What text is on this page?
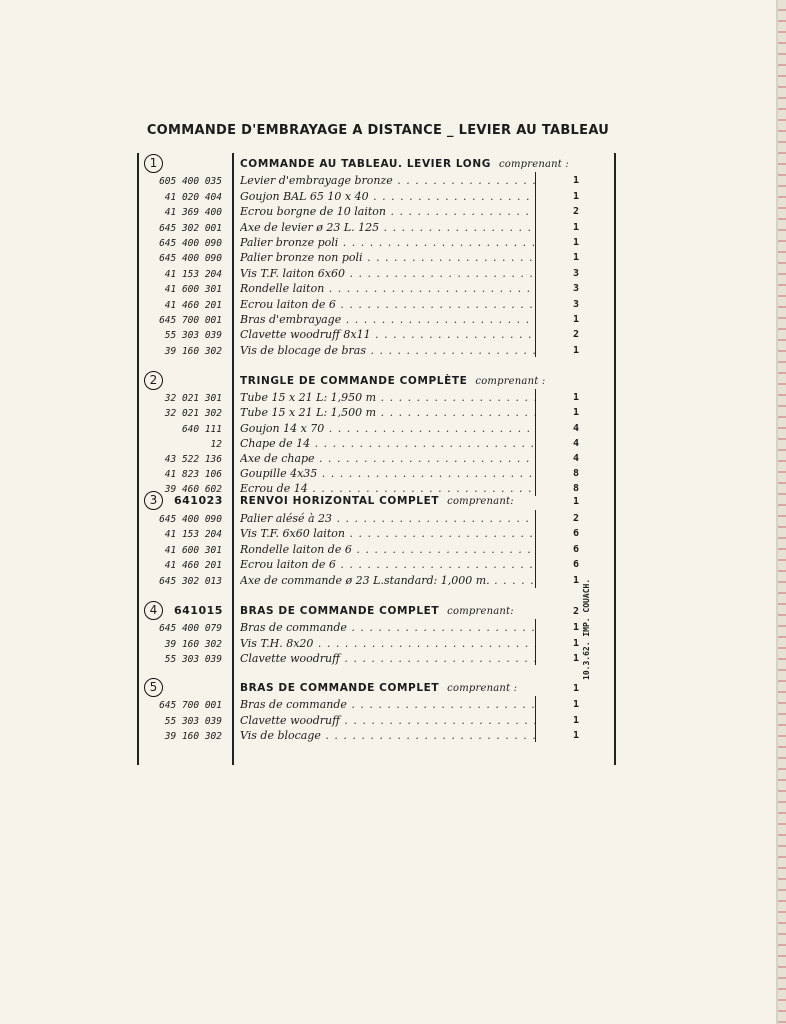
COMMANDE D'EMBRAYAGE A DISTANCE _ LEVIER AU TABLEAU
1	COMMANDE AU TABLEAU. LEVIER LONG comprenant :
605 400 035 Levier d'embrayage bronze . . .	1
41 020 404 Goujon BAL 65 10 x 40 . . .	1
41 369 400 Ecrou borgne de 10 laiton . . .	2
645 302 001 Axe de levier ø 23 L. 125 . . .	1
645 400 090 Palier bronze poli . . .	1
645 400 090 Palier bronze non poli . . .	1
41 153 204 Vis T.F. laiton 6x60 . . .	3
41 600 301 Rondelle laiton . . .	3
41 460 201 Ecrou laiton de 6 . . .	3
645 700 001 Bras d'embrayage . . .	1
55 303 039 Clavette woodruff 8x11 . . .	2
39 160 302 Vis de blocage de bras . . .	1
2	TRINGLE DE COMMANDE COMPLÈTE comprenant :
32 021 301 Tube 15 x 21 L: 1,950 m . . .	1
32 021 302 Tube 15 x 21 L: 1,500 m . . .	1
640 111 Goujon 14 x 70 . . .	4
12 Chape de 14 . . .	4
43 522 136 Axe de chape . . .	4
41 823 106 Goupille 4x35 . . .	8
39 460 602 Ecrou de 14 . . .	8
3	641023 RENVOI HORIZONTAL COMPLET comprenant:	1
645 400 090 Palier alésé à 23 . . .	2
41 153 204 Vis T.F. 6x60 laiton . . .	6
41 600 301 Rondelle laiton de 6 . . .	6
41 460 201 Ecrou laiton de 6 . . .	6
645 302 013 Axe de commande ø 23 L.standard: 1,000 m. . . .	1
4	641015 BRAS DE COMMANDE COMPLET comprenant:	2
645 400 079 Bras de commande . . .	1
39 160 302 Vis T.H. 8x20 . . .	1
55 303 039 Clavette woodruff . . .	1
5	BRAS DE COMMANDE COMPLET comprenant :	1
645 700 001 Bras de commande . . .	1
55 303 039 Clavette woodruff . . .	1
39 160 302 Vis de blocage . . .	1
10.3.62. IMP. COUACH.
